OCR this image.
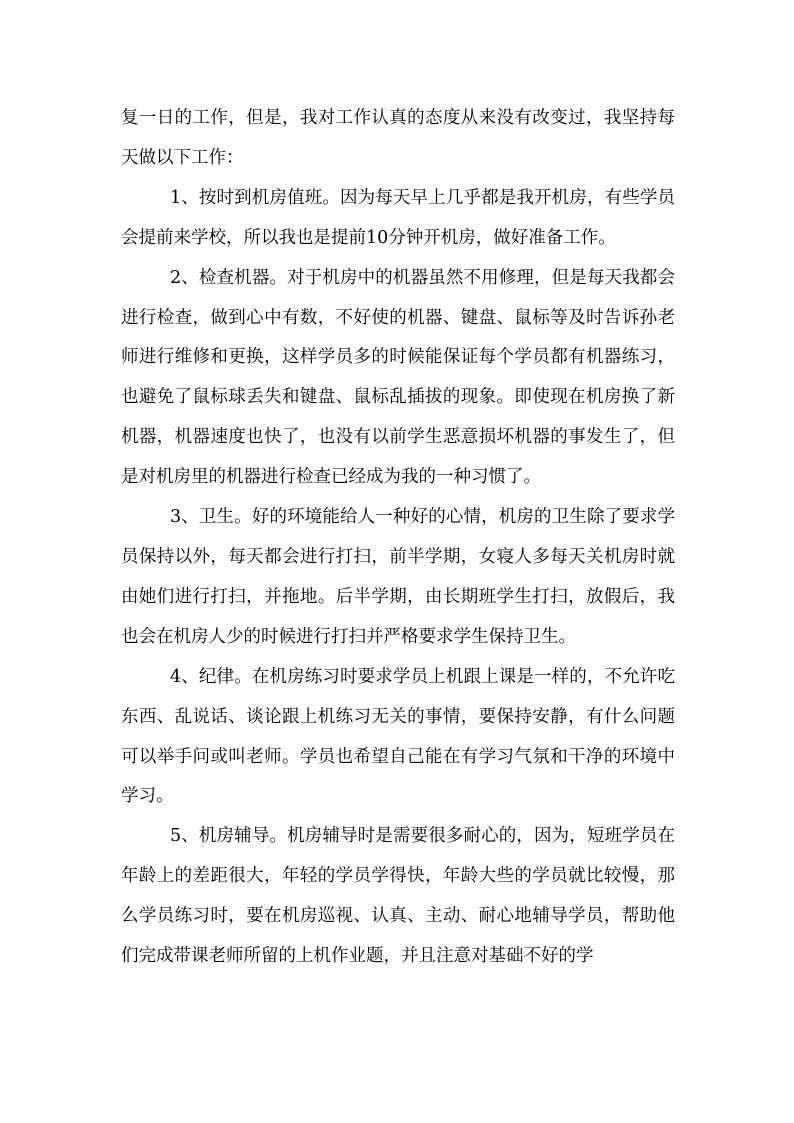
复一日的工作，但是，我对工作认真的态度从来没有改变过，我坚持每天做以下工作：

1、按时到机房值班。因为每天早上几乎都是我开机房，有些学员会提前来学校，所以我也是提前10分钟开机房，做好准备工作。

2、检查机器。对于机房中的机器虽然不用修理，但是每天我都会进行检查，做到心中有数，不好使的机器、键盘、鼠标等及时告诉孙老师进行维修和更换，这样学员多的时候能保证每个学员都有机器练习，也避免了鼠标球丢失和键盘、鼠标乱插拔的现象。即使现在机房换了新机器，机器速度也快了，也没有以前学生恶意损坏机器的事发生了，但是对机房里的机器进行检查已经成为我的一种习惯了。

3、卫生。好的环境能给人一种好的心情，机房的卫生除了要求学员保持以外，每天都会进行打扫，前半学期，女寝人多每天关机房时就由她们进行打扫，并拖地。后半学期，由长期班学生打扫，放假后，我也会在机房人少的时候进行打扫并严格要求学生保持卫生。

4、纪律。在机房练习时要求学员上机跟上课是一样的，不允许吃东西、乱说话、谈论跟上机练习无关的事情，要保持安静，有什么问题可以举手问或叫老师。学员也希望自己能在有学习气氛和干净的环境中学习。

5、机房辅导。机房辅导时是需要很多耐心的，因为，短班学员在年龄上的差距很大，年轻的学员学得快，年龄大些的学员就比较慢，那么学员练习时，要在机房巡视、认真、主动、耐心地辅导学员，帮助他们完成带课老师所留的上机作业题，并且注意对基础不好的学
